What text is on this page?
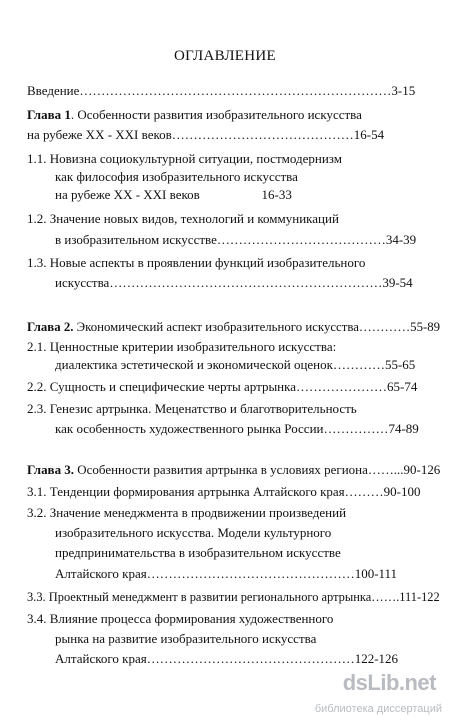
ОГЛАВЛЕНИЕ
Введение………………………………………………………………3-15
Глава 1. Особенности развития изобразительного искусства
на рубеже ХХ - ХХI веков……………………………………16-54
1.1. Новизна социокультурной ситуации, постмодернизм
как философия изобразительного искусства
на рубеже ХХ - ХХI веков                   16-33
1.2. Значение новых видов, технологий и коммуникаций
в изобразительном искусстве…………………………………34-39
1.3. Новые аспекты в проявлении функций изобразительного
искусства………………………………………………………39-54
Глава 2. Экономический аспект изобразительного искусства…………55-89
2.1. Ценностные критерии изобразительного искусства:
диалектика эстетической и экономической оценок…………55-65
2.2. Сущность и специфические черты артрынка…………………65-74
2.3. Генезис артрынка. Меценатство и благотворительность
как особенность художественного рынка России……………74-89
Глава 3. Особенности развития артрынка в условиях региона……...90-126
3.1. Тенденции формирования артрынка Алтайского края………90-100
3.2. Значение менеджмента в продвижении произведений
изобразительного искусства. Модели культурного
предпринимательства в изобразительном искусстве
Алтайского края…………………………………………100-111
3.3. Проектный менеджмент в развитии регионального артрынка…….111-122
3.4. Влияние процесса формирования художественного
рынка на развитие изобразительного искусства
Алтайского края…………………………………………122-126
dsLib.net
библиотека диссертаций
